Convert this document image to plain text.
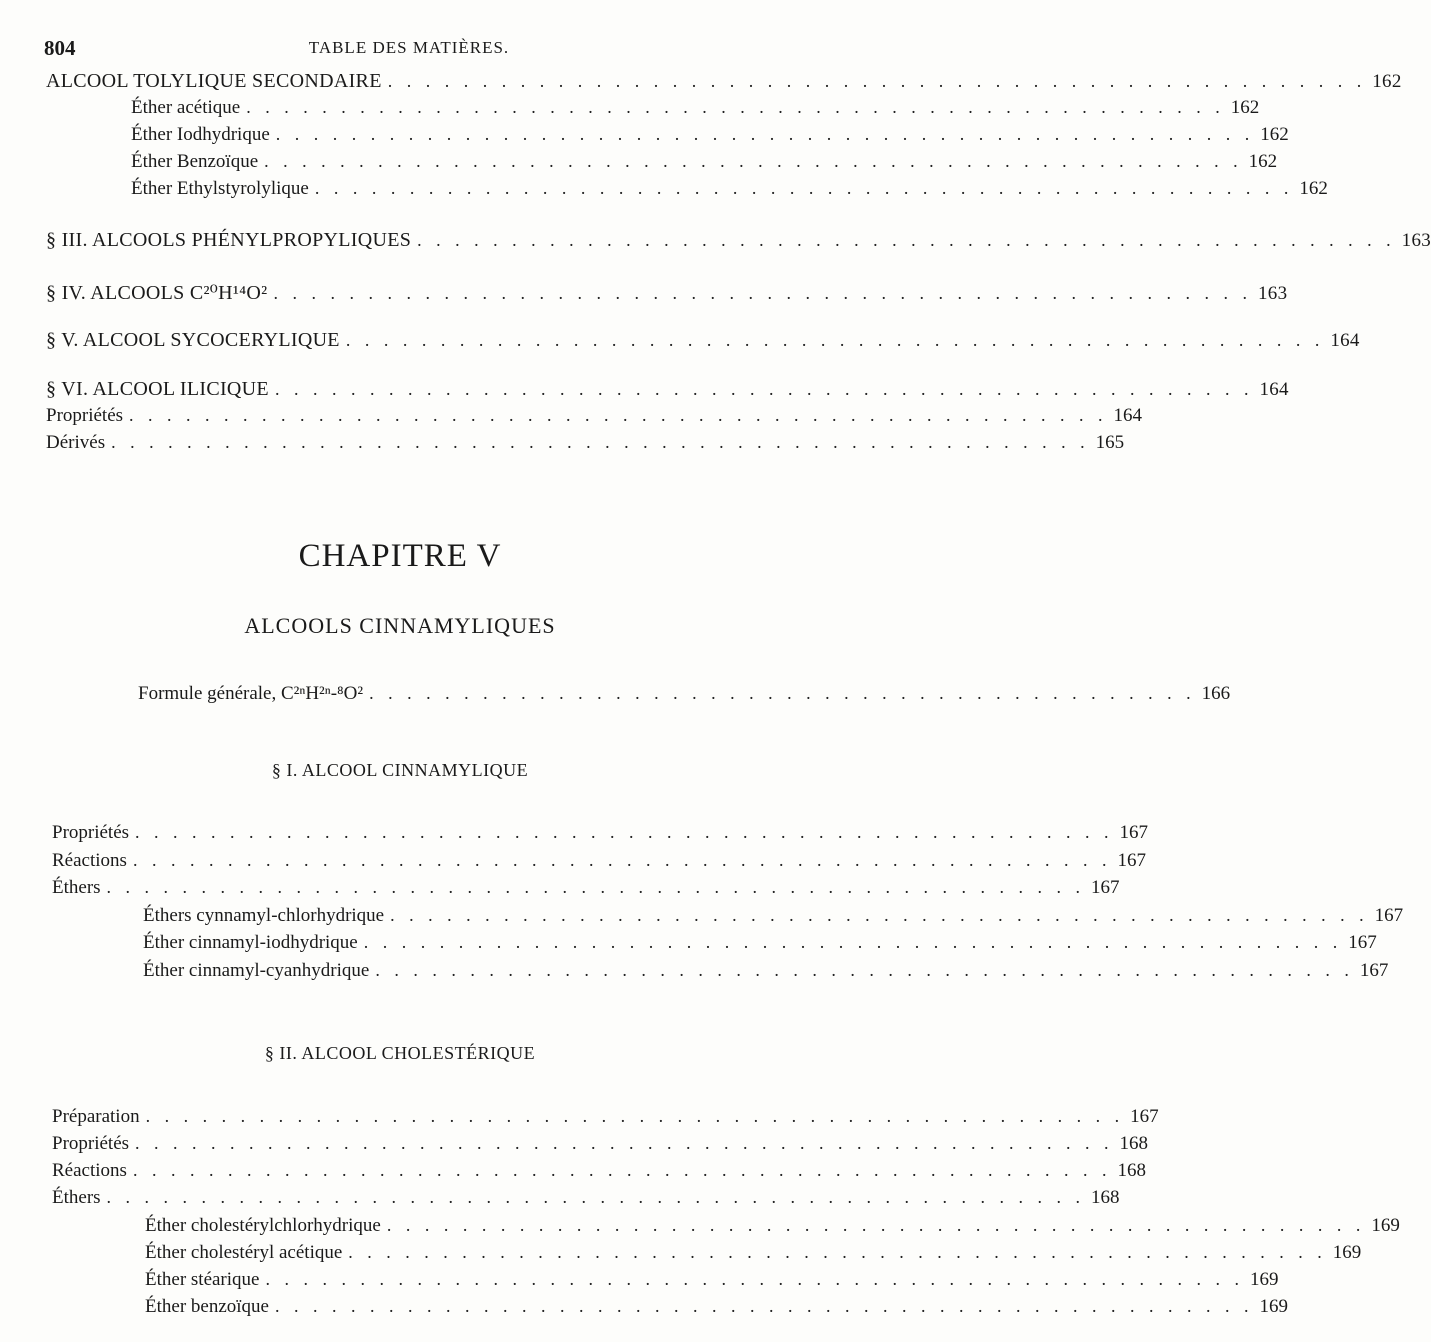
804	TABLE DES MATIÈRES.
ALCOOL TOLYLIQUE SECONDAIRE . . . . . . . . . . . . . . . . . . . . . . . . . . . . . . . . . . . . . . . . . . . . . . . . . . . . 162
Éther acétique . . . . . . . . . . . . . . . . . . . . . . . . . . . . . . . . . . . . . . . . . . . . . . . . . . . . 162
Éther Iodhydrique . . . . . . . . . . . . . . . . . . . . . . . . . . . . . . . . . . . . . . . . . . . . . . . . . . . . 162
Éther Benzoïque . . . . . . . . . . . . . . . . . . . . . . . . . . . . . . . . . . . . . . . . . . . . . . . . . . . . 162
Éther Ethylstyrolylique . . . . . . . . . . . . . . . . . . . . . . . . . . . . . . . . . . . . . . . . . . . . . . . . . . . . 162
§ III. ALCOOLS PHÉNYLPROPYLIQUES . . . . . . . . . . . . . . . . . . . . . . . . . . . . . . . . . . . . . . . . . . . . . . . . . . . . 163
§ IV. ALCOOLS C²⁰H¹⁴O² . . . . . . . . . . . . . . . . . . . . . . . . . . . . . . . . . . . . . . . . . . . . . . . . . . . . 163
§ V. ALCOOL SYCOCERYLIQUE . . . . . . . . . . . . . . . . . . . . . . . . . . . . . . . . . . . . . . . . . . . . . . . . . . . . 164
§ VI. ALCOOL ILICIQUE . . . . . . . . . . . . . . . . . . . . . . . . . . . . . . . . . . . . . . . . . . . . . . . . . . . . 164
Propriétés . . . . . . . . . . . . . . . . . . . . . . . . . . . . . . . . . . . . . . . . . . . . . . . . . . . . 164
Dérivés . . . . . . . . . . . . . . . . . . . . . . . . . . . . . . . . . . . . . . . . . . . . . . . . . . . . 165
CHAPITRE V
ALCOOLS CINNAMYLIQUES
Formule générale, C²ⁿH²ⁿ-⁸O² . . . . . . . . . . . . . . . . . . . . . . . . . . . . . . . . . . . . . . . . . . . . 166
§ I. ALCOOL CINNAMYLIQUE
Propriétés . . . . . . . . . . . . . . . . . . . . . . . . . . . . . . . . . . . . . . . . . . . . . . . . . . . . 167
Réactions . . . . . . . . . . . . . . . . . . . . . . . . . . . . . . . . . . . . . . . . . . . . . . . . . . . . 167
Éthers . . . . . . . . . . . . . . . . . . . . . . . . . . . . . . . . . . . . . . . . . . . . . . . . . . . . 167
Éthers cynnamyl-chlorhydrique . . . . . . . . . . . . . . . . . . . . . . . . . . . . . . . . . . . . . . . . . . . . . . . . . . . . 167
Éther cinnamyl-iodhydrique . . . . . . . . . . . . . . . . . . . . . . . . . . . . . . . . . . . . . . . . . . . . . . . . . . . . 167
Éther cinnamyl-cyanhydrique . . . . . . . . . . . . . . . . . . . . . . . . . . . . . . . . . . . . . . . . . . . . . . . . . . . . 167
§ II. ALCOOL CHOLESTÉRIQUE
Préparation . . . . . . . . . . . . . . . . . . . . . . . . . . . . . . . . . . . . . . . . . . . . . . . . . . . . 167
Propriétés . . . . . . . . . . . . . . . . . . . . . . . . . . . . . . . . . . . . . . . . . . . . . . . . . . . . 168
Réactions . . . . . . . . . . . . . . . . . . . . . . . . . . . . . . . . . . . . . . . . . . . . . . . . . . . . 168
Éthers . . . . . . . . . . . . . . . . . . . . . . . . . . . . . . . . . . . . . . . . . . . . . . . . . . . . 168
Éther cholestérylchlorhydrique . . . . . . . . . . . . . . . . . . . . . . . . . . . . . . . . . . . . . . . . . . . . . . . . . . . . 169
Éther cholestéryl acétique . . . . . . . . . . . . . . . . . . . . . . . . . . . . . . . . . . . . . . . . . . . . . . . . . . . . 169
Éther stéarique . . . . . . . . . . . . . . . . . . . . . . . . . . . . . . . . . . . . . . . . . . . . . . . . . . . . 169
Éther benzoïque . . . . . . . . . . . . . . . . . . . . . . . . . . . . . . . . . . . . . . . . . . . . . . . . . . . . 169
